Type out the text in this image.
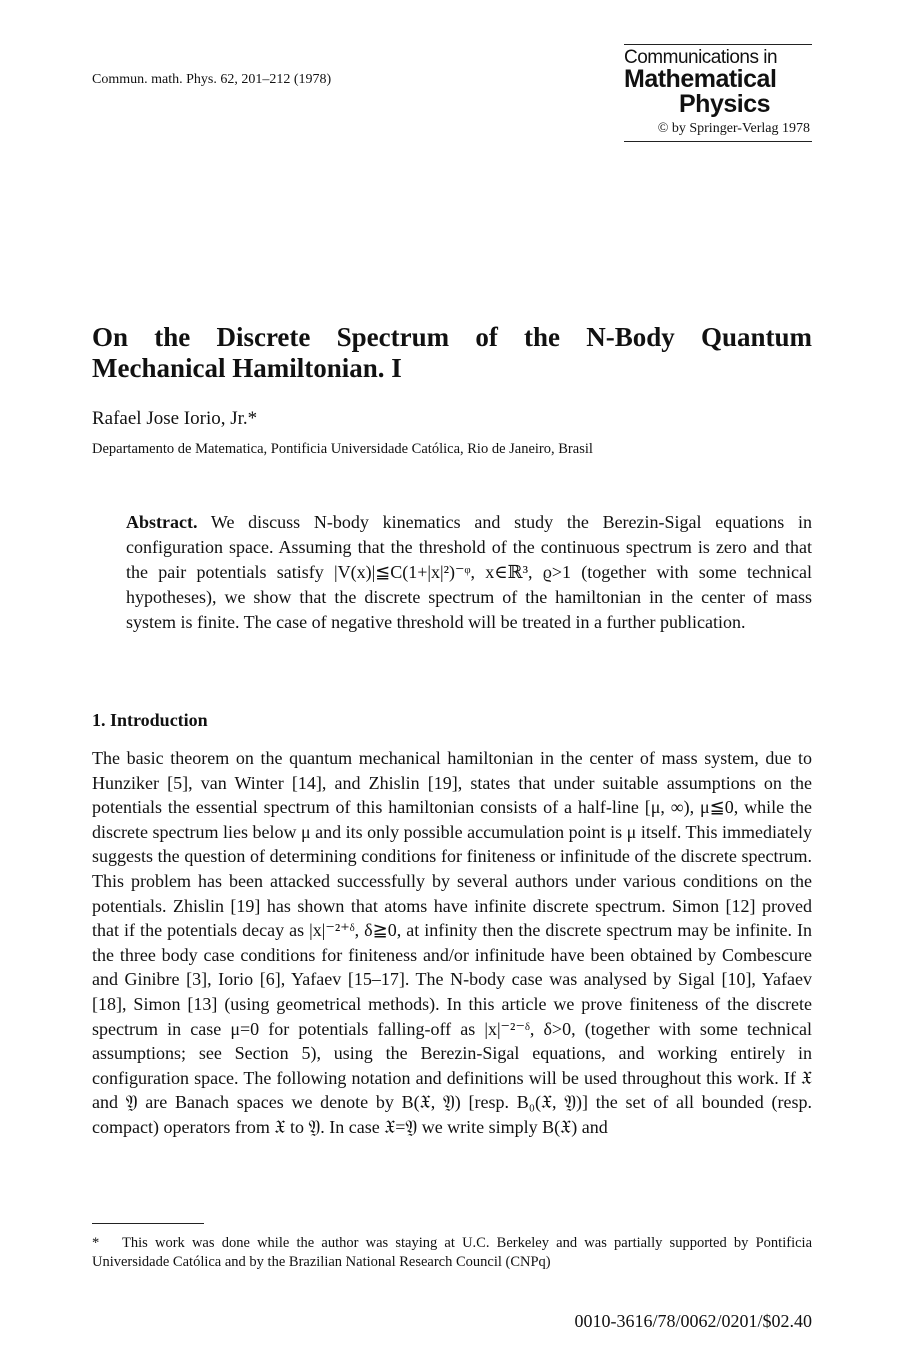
Commun. math. Phys. 62, 201–212 (1978)
Communications in
Mathematical
Physics
© by Springer-Verlag 1978
On the Discrete Spectrum of the N-Body Quantum
Mechanical Hamiltonian. I
Rafael Jose Iorio, Jr.*
Departamento de Matematica, Pontificia Universidade Católica, Rio de Janeiro, Brasil
Abstract. We discuss N-body kinematics and study the Berezin-Sigal equations in configuration space. Assuming that the threshold of the continuous spectrum is zero and that the pair potentials satisfy |V(x)|≦C(1+|x|²)⁻ᵠ, x∈ℝ³, ϱ>1 (together with some technical hypotheses), we show that the discrete spectrum of the hamiltonian in the center of mass system is finite. The case of negative threshold will be treated in a further publication.
1. Introduction
The basic theorem on the quantum mechanical hamiltonian in the center of mass system, due to Hunziker [5], van Winter [14], and Zhislin [19], states that under suitable assumptions on the potentials the essential spectrum of this hamiltonian consists of a half-line [μ, ∞), μ≦0, while the discrete spectrum lies below μ and its only possible accumulation point is μ itself. This immediately suggests the question of determining conditions for finiteness or infinitude of the discrete spectrum. This problem has been attacked successfully by several authors under various conditions on the potentials. Zhislin [19] has shown that atoms have infinite discrete spectrum. Simon [12] proved that if the potentials decay as |x|⁻²⁺ᵟ, δ≧0, at infinity then the discrete spectrum may be infinite. In the three body case conditions for finiteness and/or infinitude have been obtained by Combescure and Ginibre [3], Iorio [6], Yafaev [15–17]. The N-body case was analysed by Sigal [10], Yafaev [18], Simon [13] (using geometrical methods). In this article we prove finiteness of the discrete spectrum in case μ=0 for potentials falling-off as |x|⁻²⁻ᵟ, δ>0, (together with some technical assumptions; see Section 5), using the Berezin-Sigal equations, and working entirely in configuration space. The following notation and definitions will be used throughout this work. If 𝔛 and 𝔜 are Banach spaces we denote by B(𝔛, 𝔜) [resp. B₀(𝔛, 𝔜)] the set of all bounded (resp. compact) operators from 𝔛 to 𝔜. In case 𝔛=𝔜 we write simply B(𝔛) and
* This work was done while the author was staying at U.C. Berkeley and was partially supported by Pontificia Universidade Católica and by the Brazilian National Research Council (CNPq)
0010-3616/78/0062/0201/$02.40
